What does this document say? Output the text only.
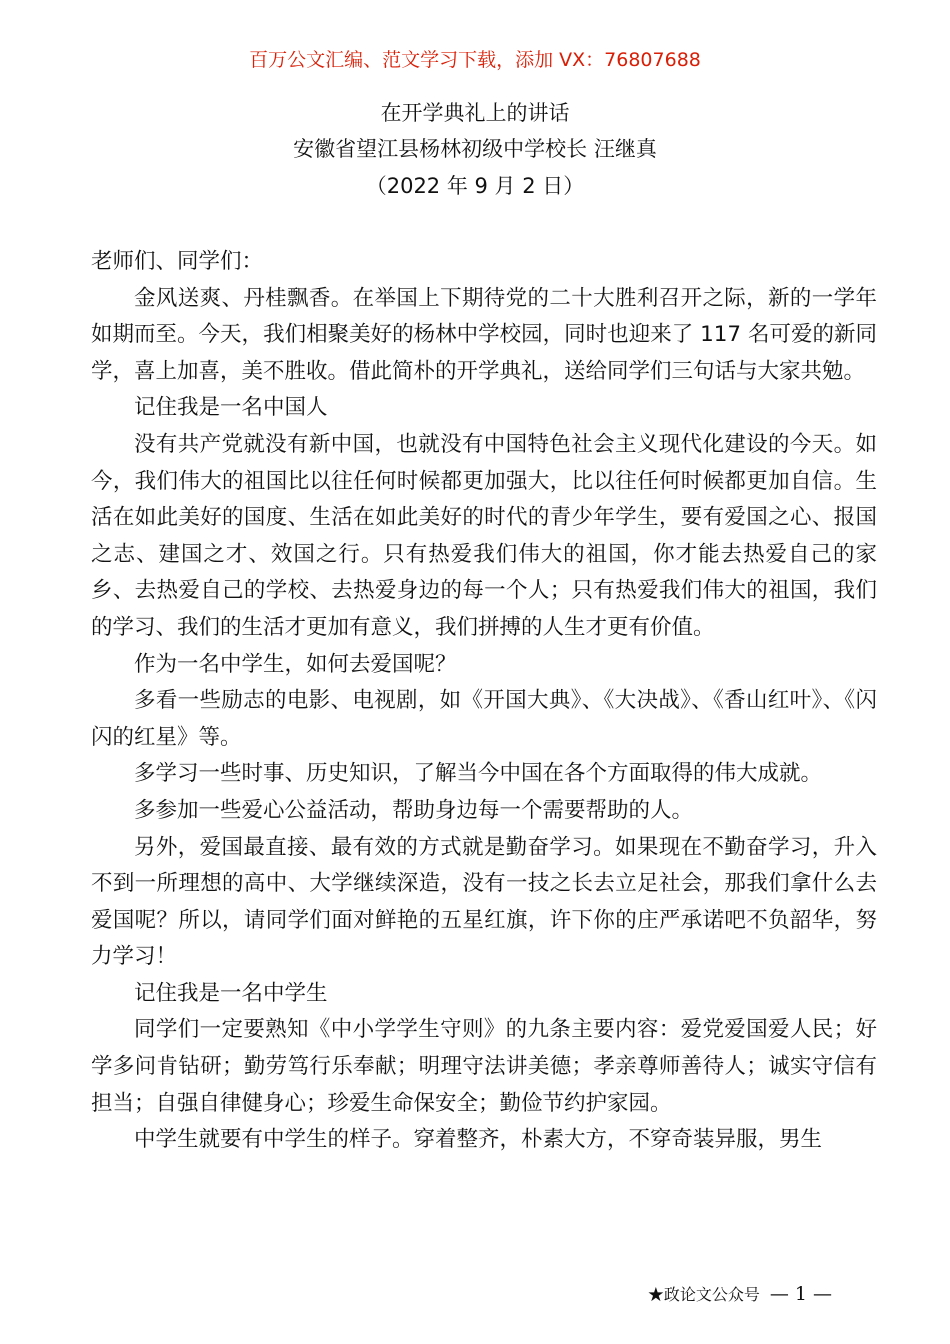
百万公文汇编、范文学习下载，添加 VX：76807688
在开学典礼上的讲话
安徽省望江县杨林初级中学校长 汪继真
（2022 年 9 月 2 日）

老师们、同学们：

金风送爽、丹桂飘香。在举国上下期待党的二十大胜利召开之际，新的一学年如期而至。今天，我们相聚美好的杨林中学校园，同时也迎来了 117 名可爱的新同学，喜上加喜，美不胜收。借此简朴的开学典礼，送给同学们三句话与大家共勉。

记住我是一名中国人

没有共产党就没有新中国，也就没有中国特色社会主义现代化建设的今天。如今，我们伟大的祖国比以往任何时候都更加强大，比以往任何时候都更加自信。生活在如此美好的国度、生活在如此美好的时代的青少年学生，要有爱国之心、报国之志、建国之才、效国之行。只有热爱我们伟大的祖国，你才能去热爱自己的家乡、去热爱自己的学校、去热爱身边的每一个人；只有热爱我们伟大的祖国，我们的学习、我们的生活才更加有意义，我们拼搏的人生才更有价值。

作为一名中学生，如何去爱国呢？

多看一些励志的电影、电视剧，如《开国大典》、《大决战》、《香山红叶》、《闪闪的红星》等。

多学习一些时事、历史知识，了解当今中国在各个方面取得的伟大成就。

多参加一些爱心公益活动，帮助身边每一个需要帮助的人。

另外，爱国最直接、最有效的方式就是勤奋学习。如果现在不勤奋学习，升入不到一所理想的高中、大学继续深造，没有一技之长去立足社会，那我们拿什么去爱国呢？所以，请同学们面对鲜艳的五星红旗，许下你的庄严承诺吧不负韶华，努力学习！

记住我是一名中学生

同学们一定要熟知《中小学学生守则》的九条主要内容：爱党爱国爱人民；好学多问肯钻研；勤劳笃行乐奉献；明理守法讲美德；孝亲尊师善待人；诚实守信有担当；自强自律健身心；珍爱生命保安全；勤俭节约护家园。

中学生就要有中学生的样子。穿着整齐，朴素大方，不穿奇装异服，男生

★政论文公众号 — 1 —
